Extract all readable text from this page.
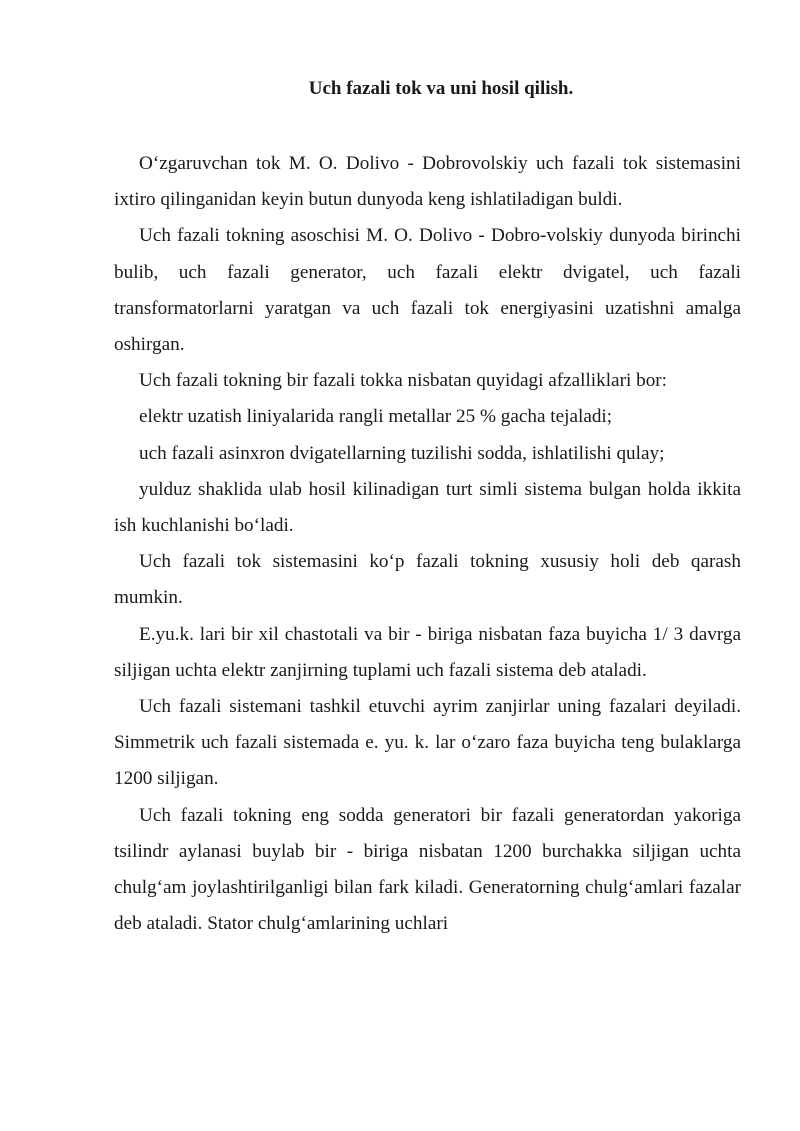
Uch fazali tok va uni hosil qilish.

O‘zgaruvchan tok M. O. Dolivo - Dobrovolskiy uch fazali tok sistemasini ixtiro qilinganidan keyin butun dunyoda keng ishlatiladigan buldi.

Uch fazali tokning asoschisi M. O. Dolivo - Dobro-volskiy dunyoda birinchi bulib, uch fazali generator, uch fazali elektr dvigatel, uch fazali transformatorlarni yaratgan va uch fazali tok energiyasini uzatishni amalga oshirgan.

Uch fazali tokning bir fazali tokka nisbatan quyidagi afzalliklari bor:

elektr uzatish liniyalarida rangli metallar 25 % gacha tejaladi;

uch fazali asinxron dvigatellarning tuzilishi sodda, ishlatilishi qulay;

yulduz shaklida ulab hosil kilinadigan turt simli sistema bulgan holda ikkita ish kuchlanishi bo‘ladi.

Uch fazali tok sistemasini ko‘p fazali tokning xususiy holi deb qarash mumkin.

E.yu.k. lari bir xil chastotali va bir - biriga nisbatan faza buyicha 1/ 3 davrga siljigan uchta elektr zanjirning tuplami uch fazali sistema deb ataladi.

Uch fazali sistemani tashkil etuvchi ayrim zanjirlar uning fazalari deyiladi. Simmetrik uch fazali sistemada e. yu. k. lar o‘zaro faza buyicha teng bulaklarga 1200 siljigan.

Uch fazali tokning eng sodda generatori bir fazali generatordan yakoriga tsilindr aylanasi buylab bir - biriga nisbatan 1200 burchakka siljigan uchta chulg‘am joylashtirilganligi bilan fark kiladi. Generatorning chulg‘amlari fazalar deb ataladi. Stator chulg‘amlarining uchlari
